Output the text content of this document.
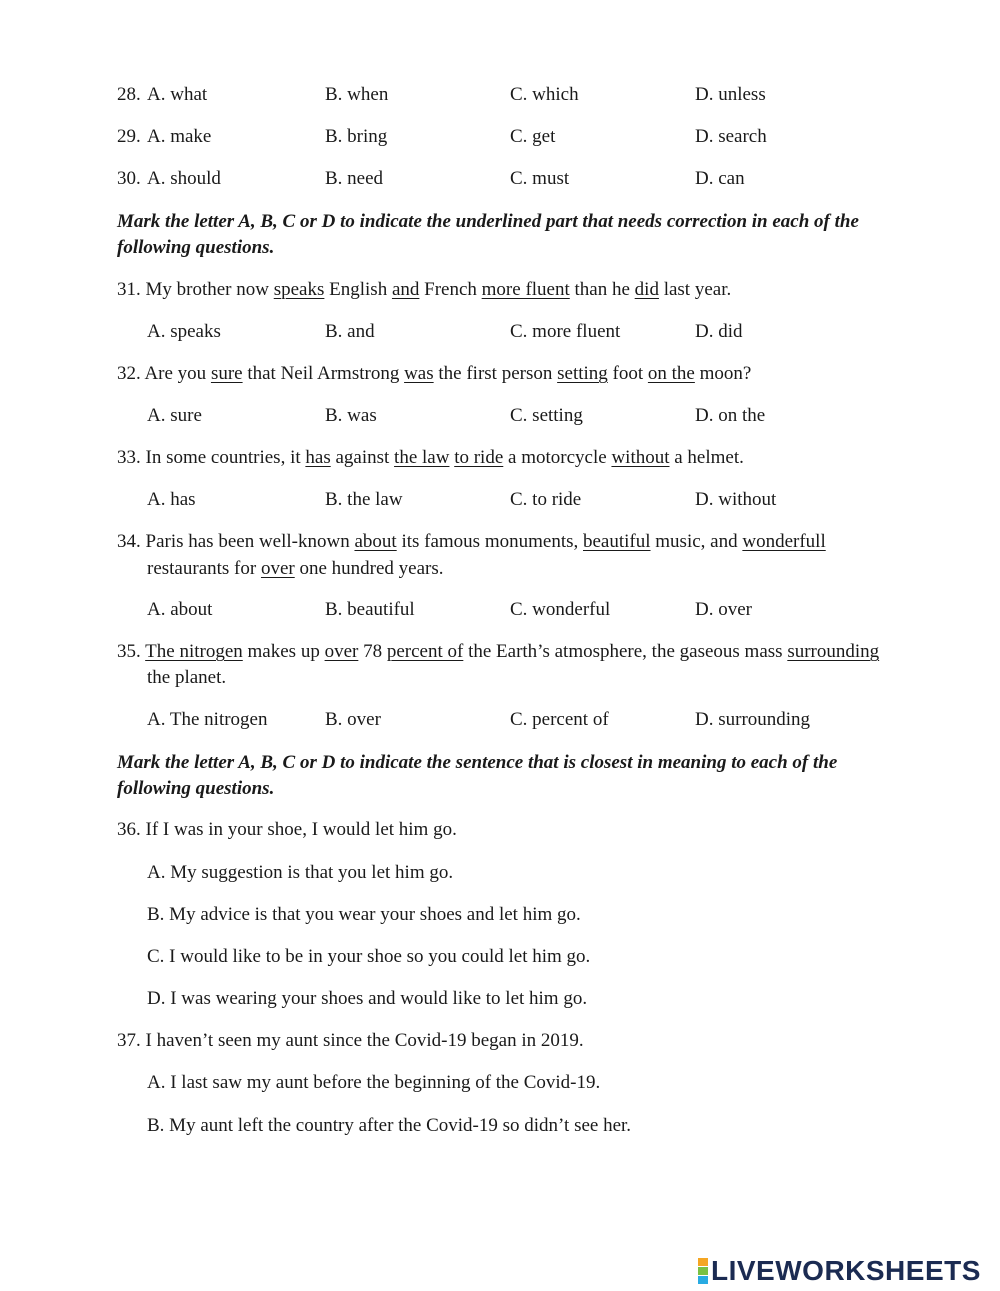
28. A. what	B. when	C. which	D. unless
29. A. make	B. bring	C. get	D. search
30. A. should	B. need	C. must	D. can
Mark the letter A, B, C or D to indicate the underlined part that needs correction in each of the following questions.
31. My brother now speaks English and French more fluent than he did last year.
A. speaks	B. and	C. more fluent	D. did
32. Are you sure that Neil Armstrong was the first person setting foot on the moon?
A. sure	B. was	C. setting	D. on the
33. In some countries, it has against the law to ride a motorcycle without a helmet.
A. has	B. the law	C. to ride	D. without
34. Paris has been well-known about its famous monuments, beautiful music, and wonderfull
restaurants for over one hundred years.
A. about	B. beautiful	C. wonderful	D. over
35. The nitrogen makes up over 78 percent of the Earth’s atmosphere, the gaseous mass surrounding
the planet.
A. The nitrogen	B. over	C. percent of	D. surrounding
Mark the letter A, B, C or D to indicate the sentence that is closest in meaning to each of the following questions.
36. If I was in your shoe, I would let him go.
A. My suggestion is that you let him go.
B. My advice is that you wear your shoes and let him go.
C. I would like to be in your shoe so you could let him go.
D. I was wearing your shoes and would like to let him go.
37. I haven’t seen my aunt since the Covid-19 began in 2019.
A. I last saw my aunt before the beginning of the Covid-19.
B. My aunt left the country after the Covid-19 so didn’t see her.
LIVEWORKSHEETS
